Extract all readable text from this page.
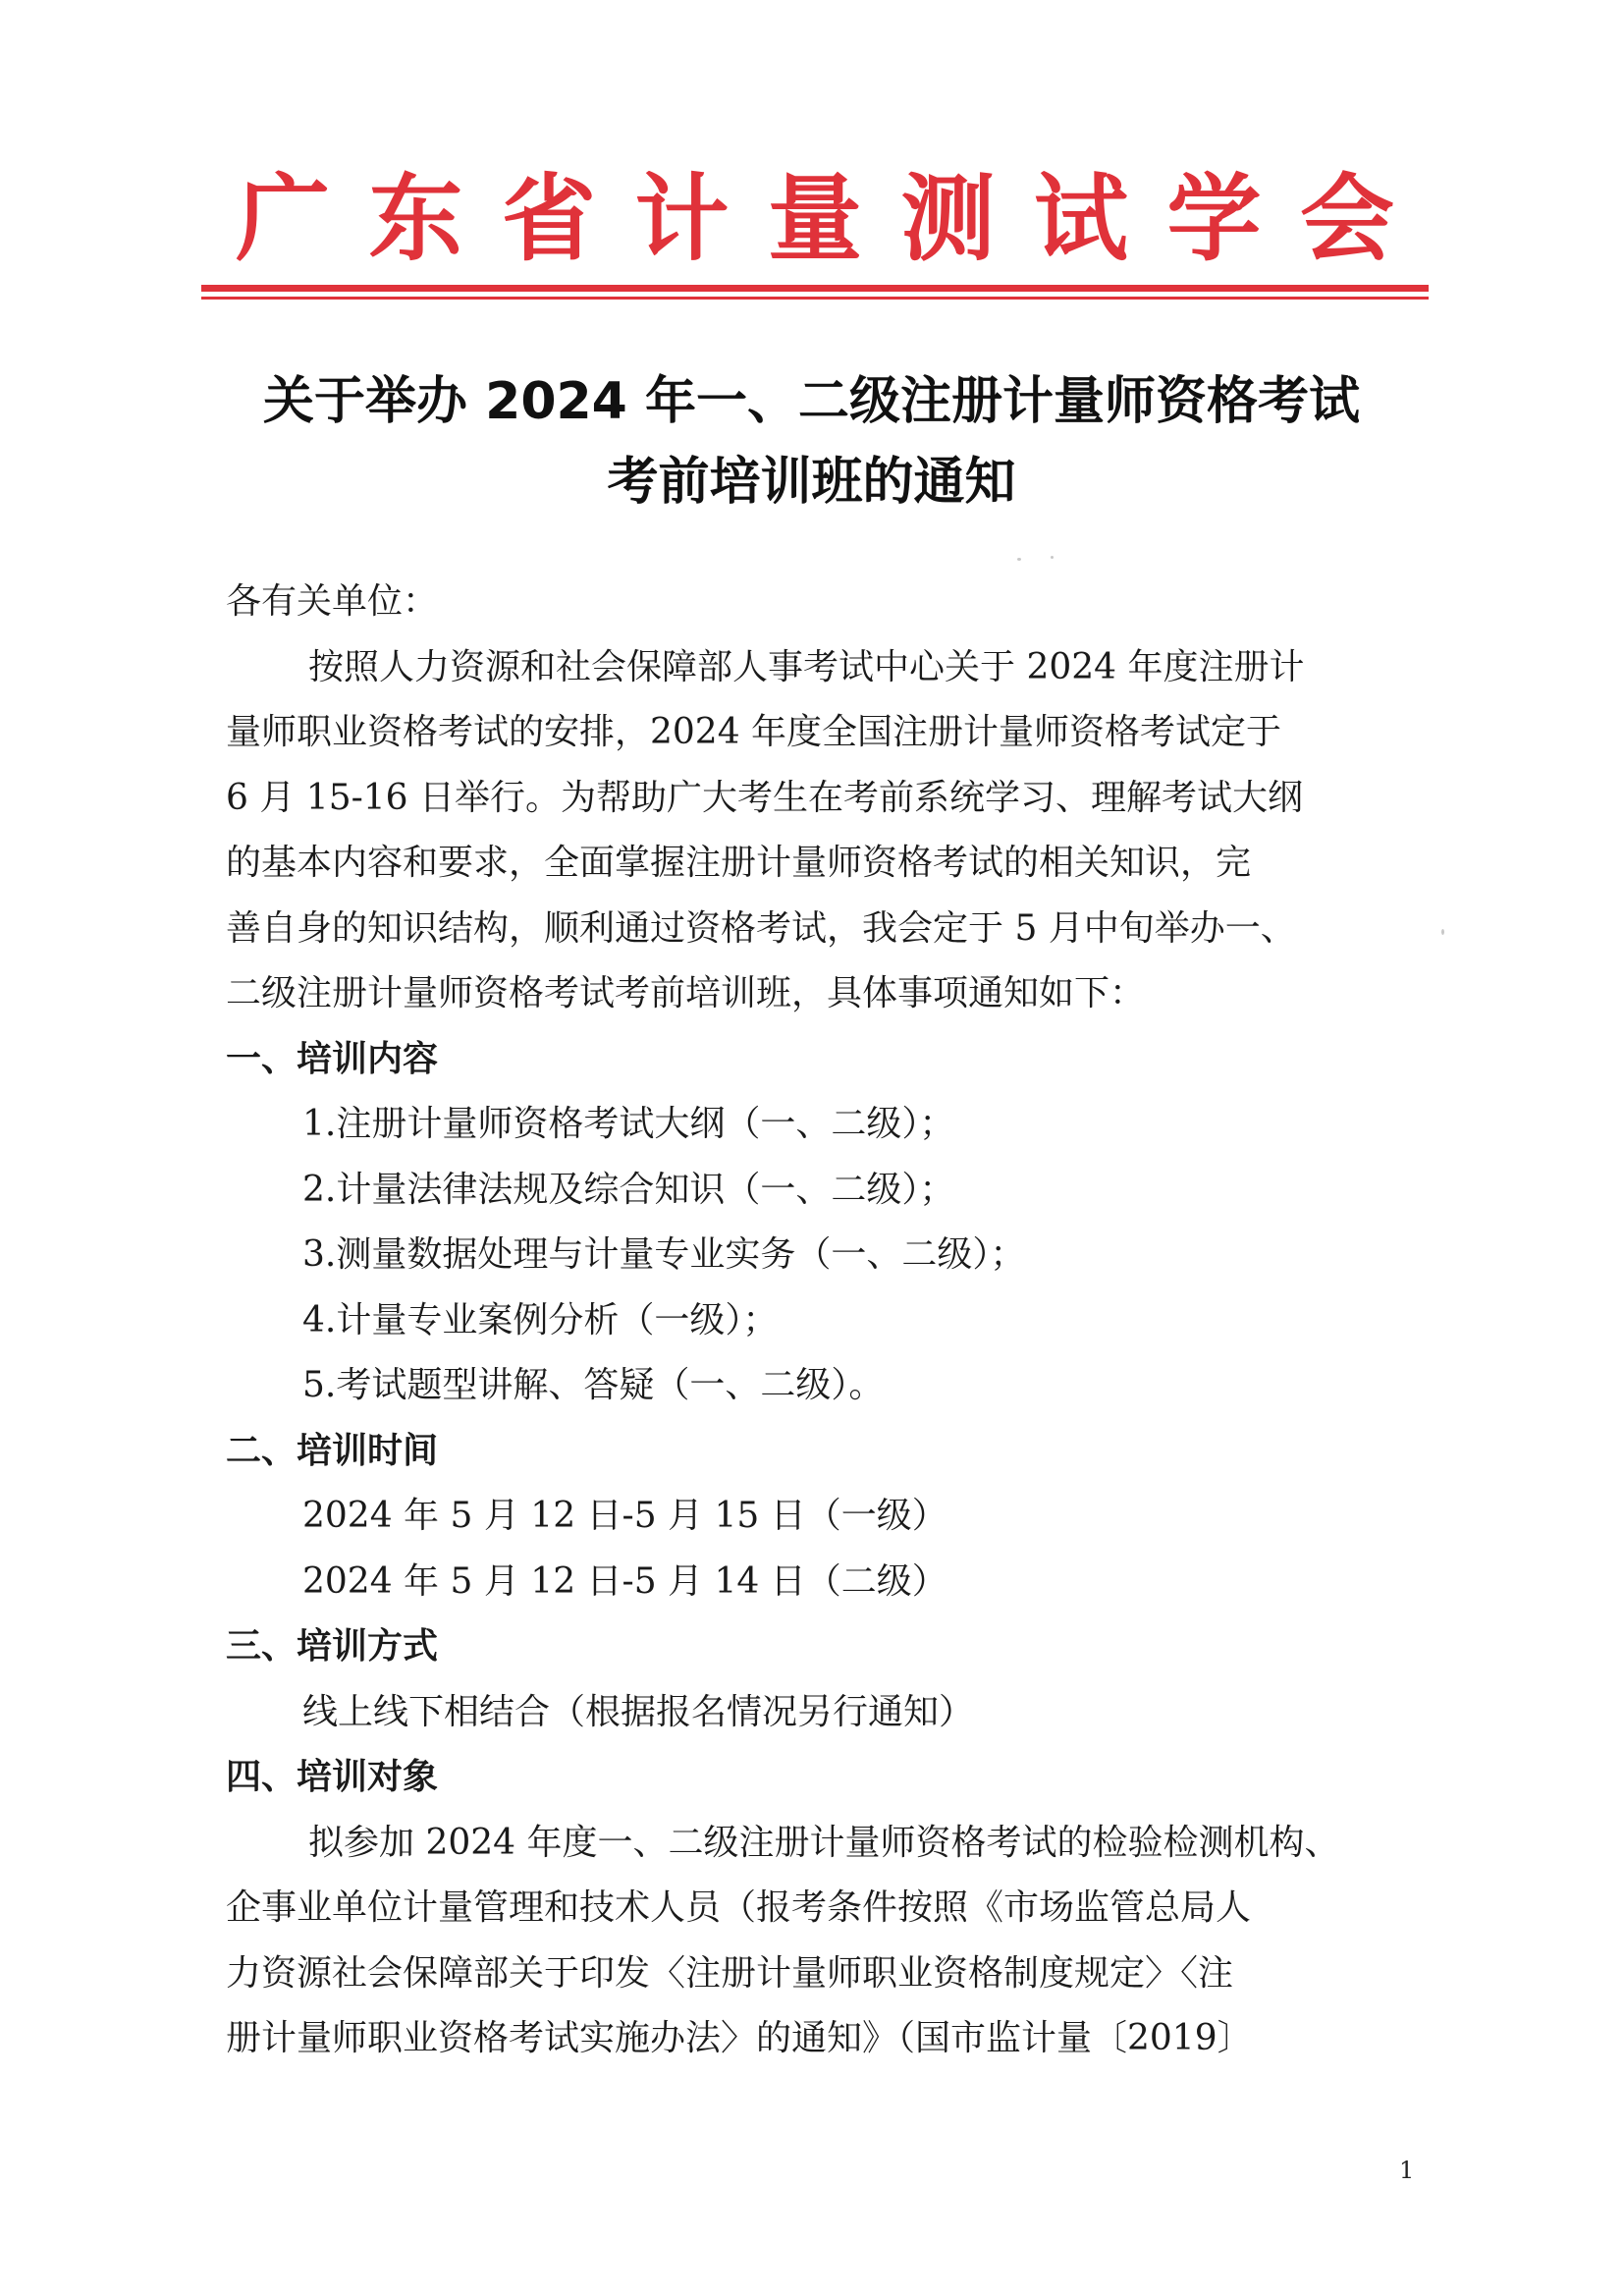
广 东 省 计 量 测 试 学 会
关于举办 2024 年一、二级注册计量师资格考试
考前培训班的通知

各有关单位：

按照人力资源和社会保障部人事考试中心关于 2024 年度注册计

量师职业资格考试的安排，2024 年度全国注册计量师资格考试定于

6 月 15-16 日举行。为帮助广大考生在考前系统学习、理解考试大纲

的基本内容和要求，全面掌握注册计量师资格考试的相关知识，完

善自身的知识结构，顺利通过资格考试，我会定于 5 月中旬举办一、

二级注册计量师资格考试考前培训班，具体事项通知如下：

一、培训内容

1.注册计量师资格考试大纲（一、二级）；

2.计量法律法规及综合知识（一、二级）；

3.测量数据处理与计量专业实务（一、二级）；

4.计量专业案例分析（一级）；

5.考试题型讲解、答疑（一、二级）。

二、培训时间

2024 年 5 月 12 日-5 月 15 日（一级）

2024 年 5 月 12 日-5 月 14 日（二级）

三、培训方式

线上线下相结合（根据报名情况另行通知）

四、培训对象

拟参加 2024 年度一、二级注册计量师资格考试的检验检测机构、

企事业单位计量管理和技术人员（报考条件按照《市场监管总局人

力资源社会保障部关于印发〈注册计量师职业资格制度规定〉〈注

册计量师职业资格考试实施办法〉的通知》（国市监计量〔2019〕

1
